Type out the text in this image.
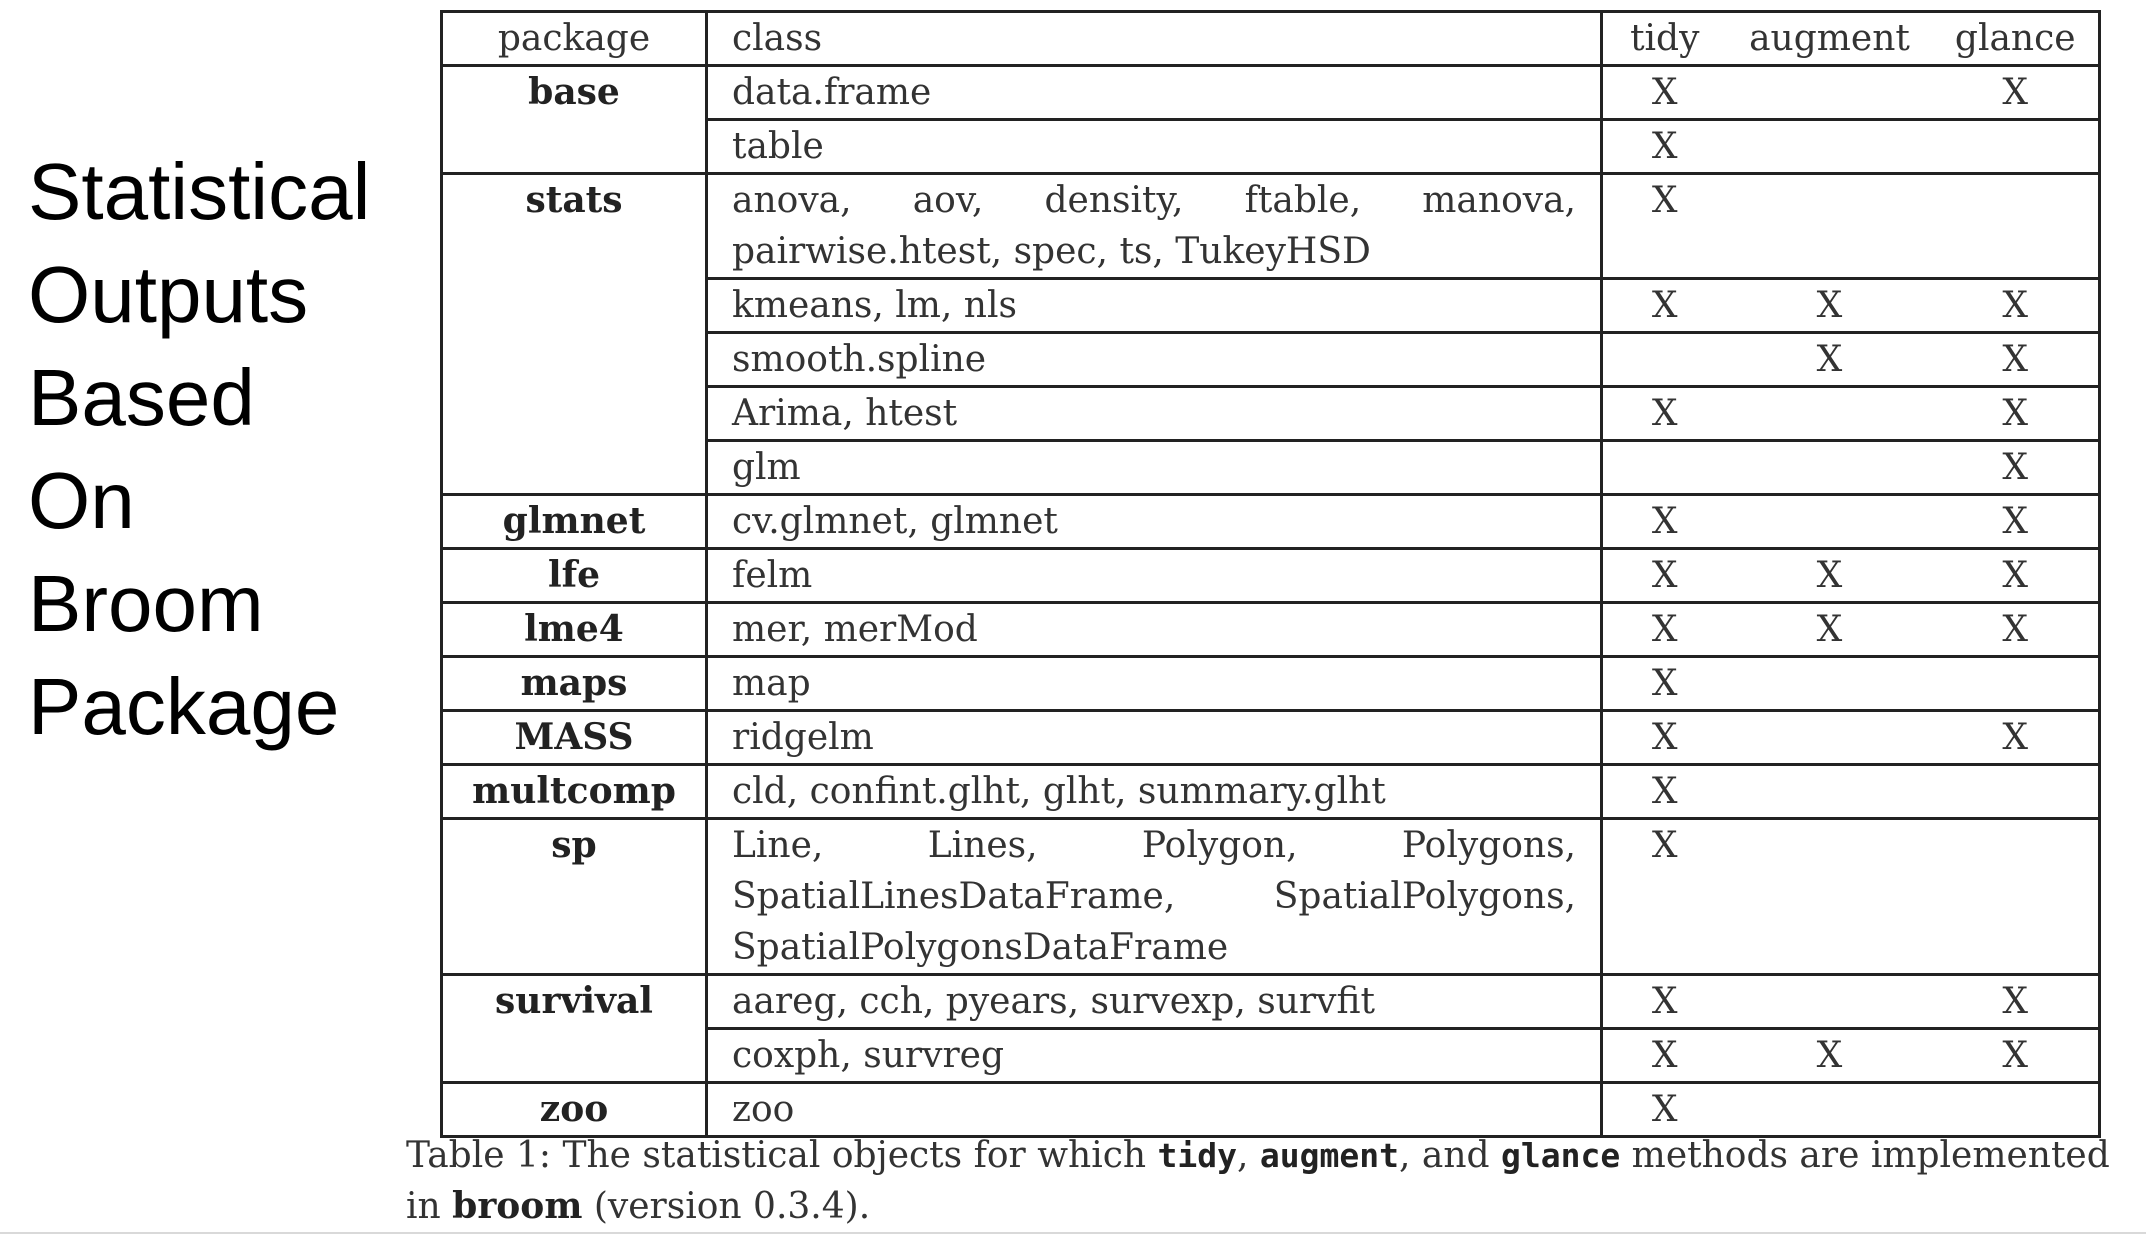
Statistical
Outputs
Based
On
Broom
Package
package	class	tidy	augment	glance
base	data.frame	X		X
	table	X		
stats	anova, aov, density, ftable, manova, pairwise.htest, spec, ts, TukeyHSD	X		
	kmeans, lm, nls	X	X	X
	smooth.spline		X	X
	Arima, htest	X		X
	glm			X
glmnet	cv.glmnet, glmnet	X		X
lfe	felm	X	X	X
lme4	mer, merMod	X	X	X
maps	map	X		
MASS	ridgelm	X		X
multcomp	cld, confint.glht, glht, summary.glht	X		
sp	Line, Lines, Polygon, Polygons, SpatialLinesDataFrame, SpatialPolygons, SpatialPolygonsDataFrame	X		
survival	aareg, cch, pyears, survexp, survfit	X		X
	coxph, survreg	X	X	X
zoo	zoo	X		
Table 1: The statistical objects for which tidy, augment, and glance methods are implemented in broom (version 0.3.4).
